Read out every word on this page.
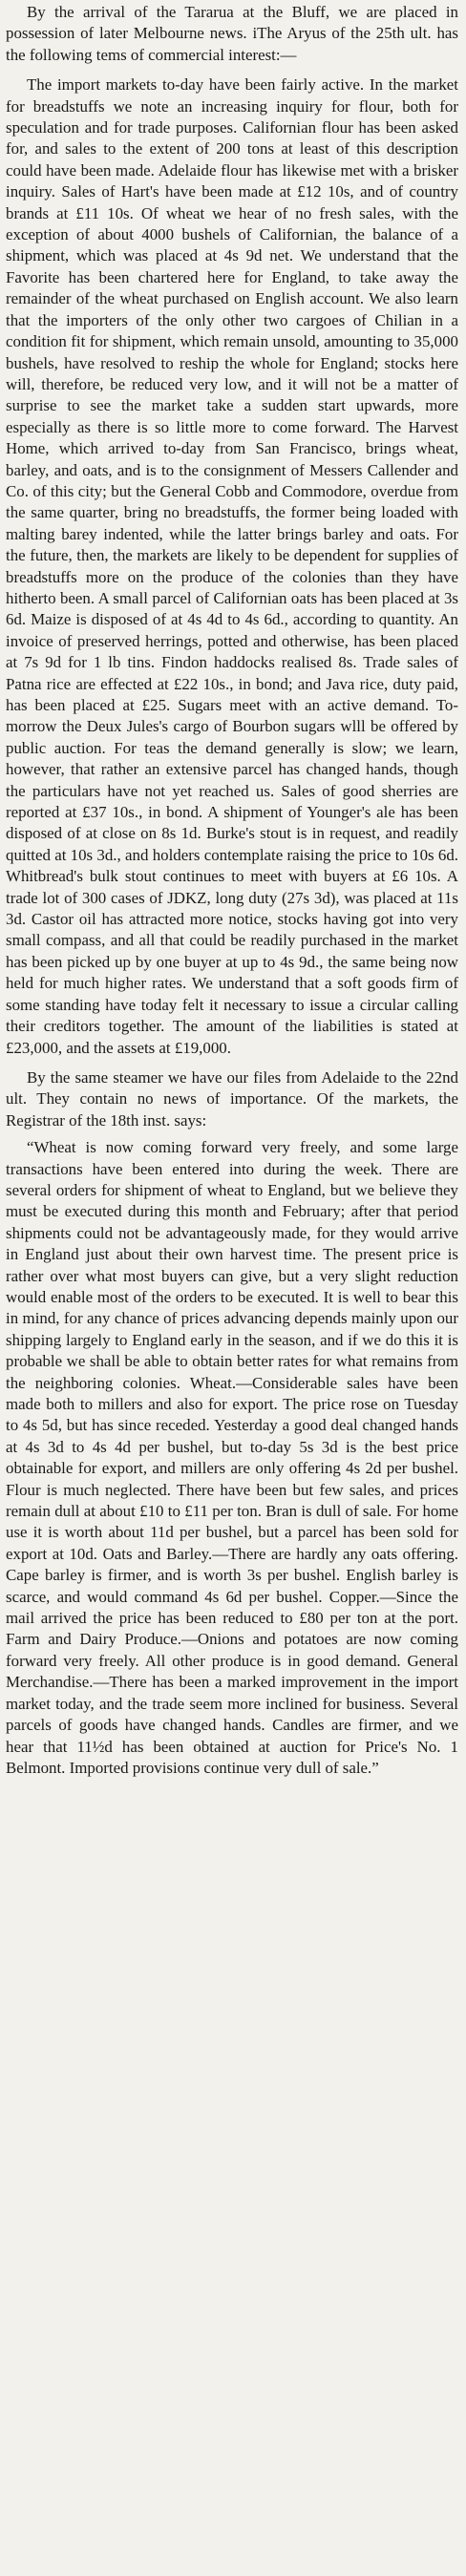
By the arrival of the Tararua at the Bluff, we are placed in possession of later Melbourne news. iThe Aryus of the 25th ult. has the following tems of commercial interest:—

The import markets to-day have been fairly active. In the market for breadstuffs we note an increasing inquiry for flour, both for speculation and for trade purposes. Californian flour has been asked for, and sales to the extent of 200 tons at least of this description could have been made. Adelaide flour has likewise met with a brisker inquiry. Sales of Hart's have been made at £12 10s, and of country brands at £11 10s. Of wheat we hear of no fresh sales, with the exception of about 4000 bushels of Californian, the balance of a shipment, which was placed at 4s 9d net. We understand that the Favorite has been chartered here for England, to take away the remainder of the wheat purchased on English account. We also learn that the importers of the only other two cargoes of Chilian in a condition fit for shipment, which remain unsold, amounting to 35,000 bushels, have resolved to reship the whole for England; stocks here will, therefore, be reduced very low, and it will not be a matter of surprise to see the market take a sudden start upwards, more especially as there is so little more to come forward. The Harvest Home, which arrived to-day from San Francisco, brings wheat, barley, and oats, and is to the consignment of Messers Callender and Co. of this city; but the General Cobb and Commodore, overdue from the same quarter, bring no breadstuffs, the former being loaded with malting barey indented, while the latter brings barley and oats. For the future, then, the markets are likely to be dependent for supplies of breadstuffs more on the produce of the colonies than they have hitherto been. A small parcel of Californian oats has been placed at 3s 6d. Maize is disposed of at 4s 4d to 4s 6d., according to quantity. An invoice of preserved herrings, potted and otherwise, has been placed at 7s 9d for 1 lb tins. Findon haddocks realised 8s. Trade sales of Patna rice are effected at £22 10s., in bond; and Java rice, duty paid, has been placed at £25. Sugars meet with an active demand. To-morrow the Deux Jules's cargo of Bourbon sugars wlll be offered by public auction. For teas the demand generally is slow; we learn, however, that rather an extensive parcel has changed hands, though the particulars have not yet reached us. Sales of good sherries are reported at £37 10s., in bond. A shipment of Younger's ale has been disposed of at close on 8s 1d. Burke's stout is in request, and readily quitted at 10s 3d., and holders contemplate raising the price to 10s 6d. Whitbread's bulk stout continues to meet with buyers at £6 10s. A trade lot of 300 cases of JDKZ, long duty (27s 3d), was placed at 11s 3d. Castor oil has attracted more notice, stocks having got into very small compass, and all that could be readily purchased in the market has been picked up by one buyer at up to 4s 9d., the same being now held for much higher rates. We understand that a soft goods firm of some standing have today felt it necessary to issue a circular calling their creditors together. The amount of the liabilities is stated at £23,000, and the assets at £19,000.

By the same steamer we have our files from Adelaide to the 22nd ult. They contain no news of importance. Of the markets, the Registrar of the 18th inst. says:

“Wheat is now coming forward very freely, and some large transactions have been entered into during the week. There are several orders for shipment of wheat to England, but we believe they must be executed during this month and February; after that period shipments could not be advantageously made, for they would arrive in England just about their own harvest time. The present price is rather over what most buyers can give, but a very slight reduction would enable most of the orders to be executed. It is well to bear this in mind, for any chance of prices advancing depends mainly upon our shipping largely to England early in the season, and if we do this it is probable we shall be able to obtain better rates for what remains from the neighboring colonies. Wheat.—Considerable sales have been made both to millers and also for export. The price rose on Tuesday to 4s 5d, but has since receded. Yesterday a good deal changed hands at 4s 3d to 4s 4d per bushel, but to-day 5s 3d is the best price obtainable for export, and millers are only offering 4s 2d per bushel. Flour is much neglected. There have been but few sales, and prices remain dull at about £10 to £11 per ton. Bran is dull of sale. For home use it is worth about 11d per bushel, but a parcel has been sold for export at 10d. Oats and Barley.—There are hardly any oats offering. Cape barley is firmer, and is worth 3s per bushel. English barley is scarce, and would command 4s 6d per bushel. Copper.—Since the mail arrived the price has been reduced to £80 per ton at the port. Farm and Dairy Produce.—Onions and potatoes are now coming forward very freely. All other produce is in good demand. General Merchandise.—There has been a marked improvement in the import market today, and the trade seem more inclined for business. Several parcels of goods have changed hands. Candles are firmer, and we hear that 11½d has been obtained at auction for Price's No. 1 Belmont. Imported provisions continue very dull of sale.”
